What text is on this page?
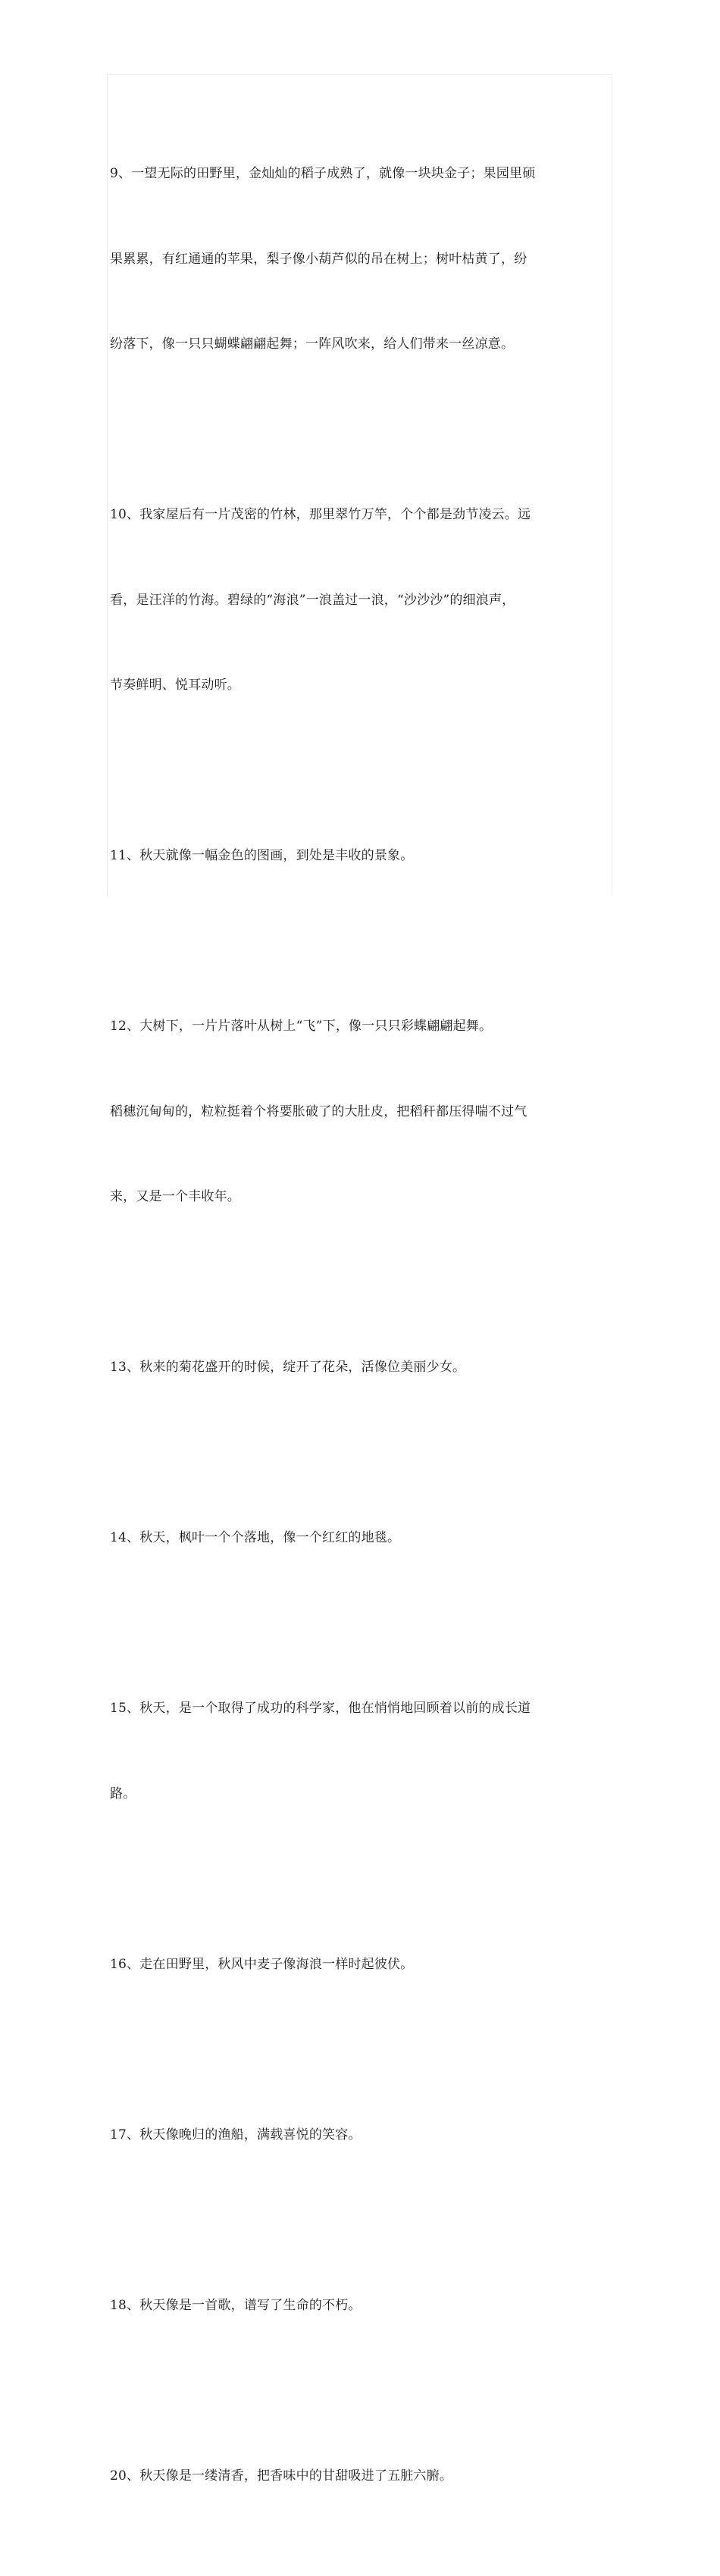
9、一望无际的田野里，金灿灿的稻子成熟了，就像一块块金子；果园里硕

果累累，有红通通的苹果，梨子像小葫芦似的吊在树上；树叶枯黄了，纷

纷落下，像一只只蝴蝶翩翩起舞；一阵风吹来，给人们带来一丝凉意。

10、我家屋后有一片茂密的竹林，那里翠竹万竿，个个都是劲节凌云。远

看，是汪洋的竹海。碧绿的“海浪”一浪盖过一浪，“沙沙沙”的细浪声，

节奏鲜明、悦耳动听。

11、秋天就像一幅金色的图画，到处是丰收的景象。

12、大树下，一片片落叶从树上“飞”下，像一只只彩蝶翩翩起舞。

稻穗沉甸甸的，粒粒挺着个将要胀破了的大肚皮，把稻秆都压得喘不过气

来，又是一个丰收年。

13、秋来的菊花盛开的时候，绽开了花朵，活像位美丽少女。

14、秋天，枫叶一个个落地，像一个红红的地毯。

15、秋天，是一个取得了成功的科学家，他在悄悄地回顾着以前的成长道

路。

16、走在田野里，秋风中麦子像海浪一样时起彼伏。

17、秋天像晚归的渔船，满载喜悦的笑容。

18、秋天像是一首歌，谱写了生命的不朽。

20、秋天像是一缕清香，把香味中的甘甜吸进了五脏六腑。
